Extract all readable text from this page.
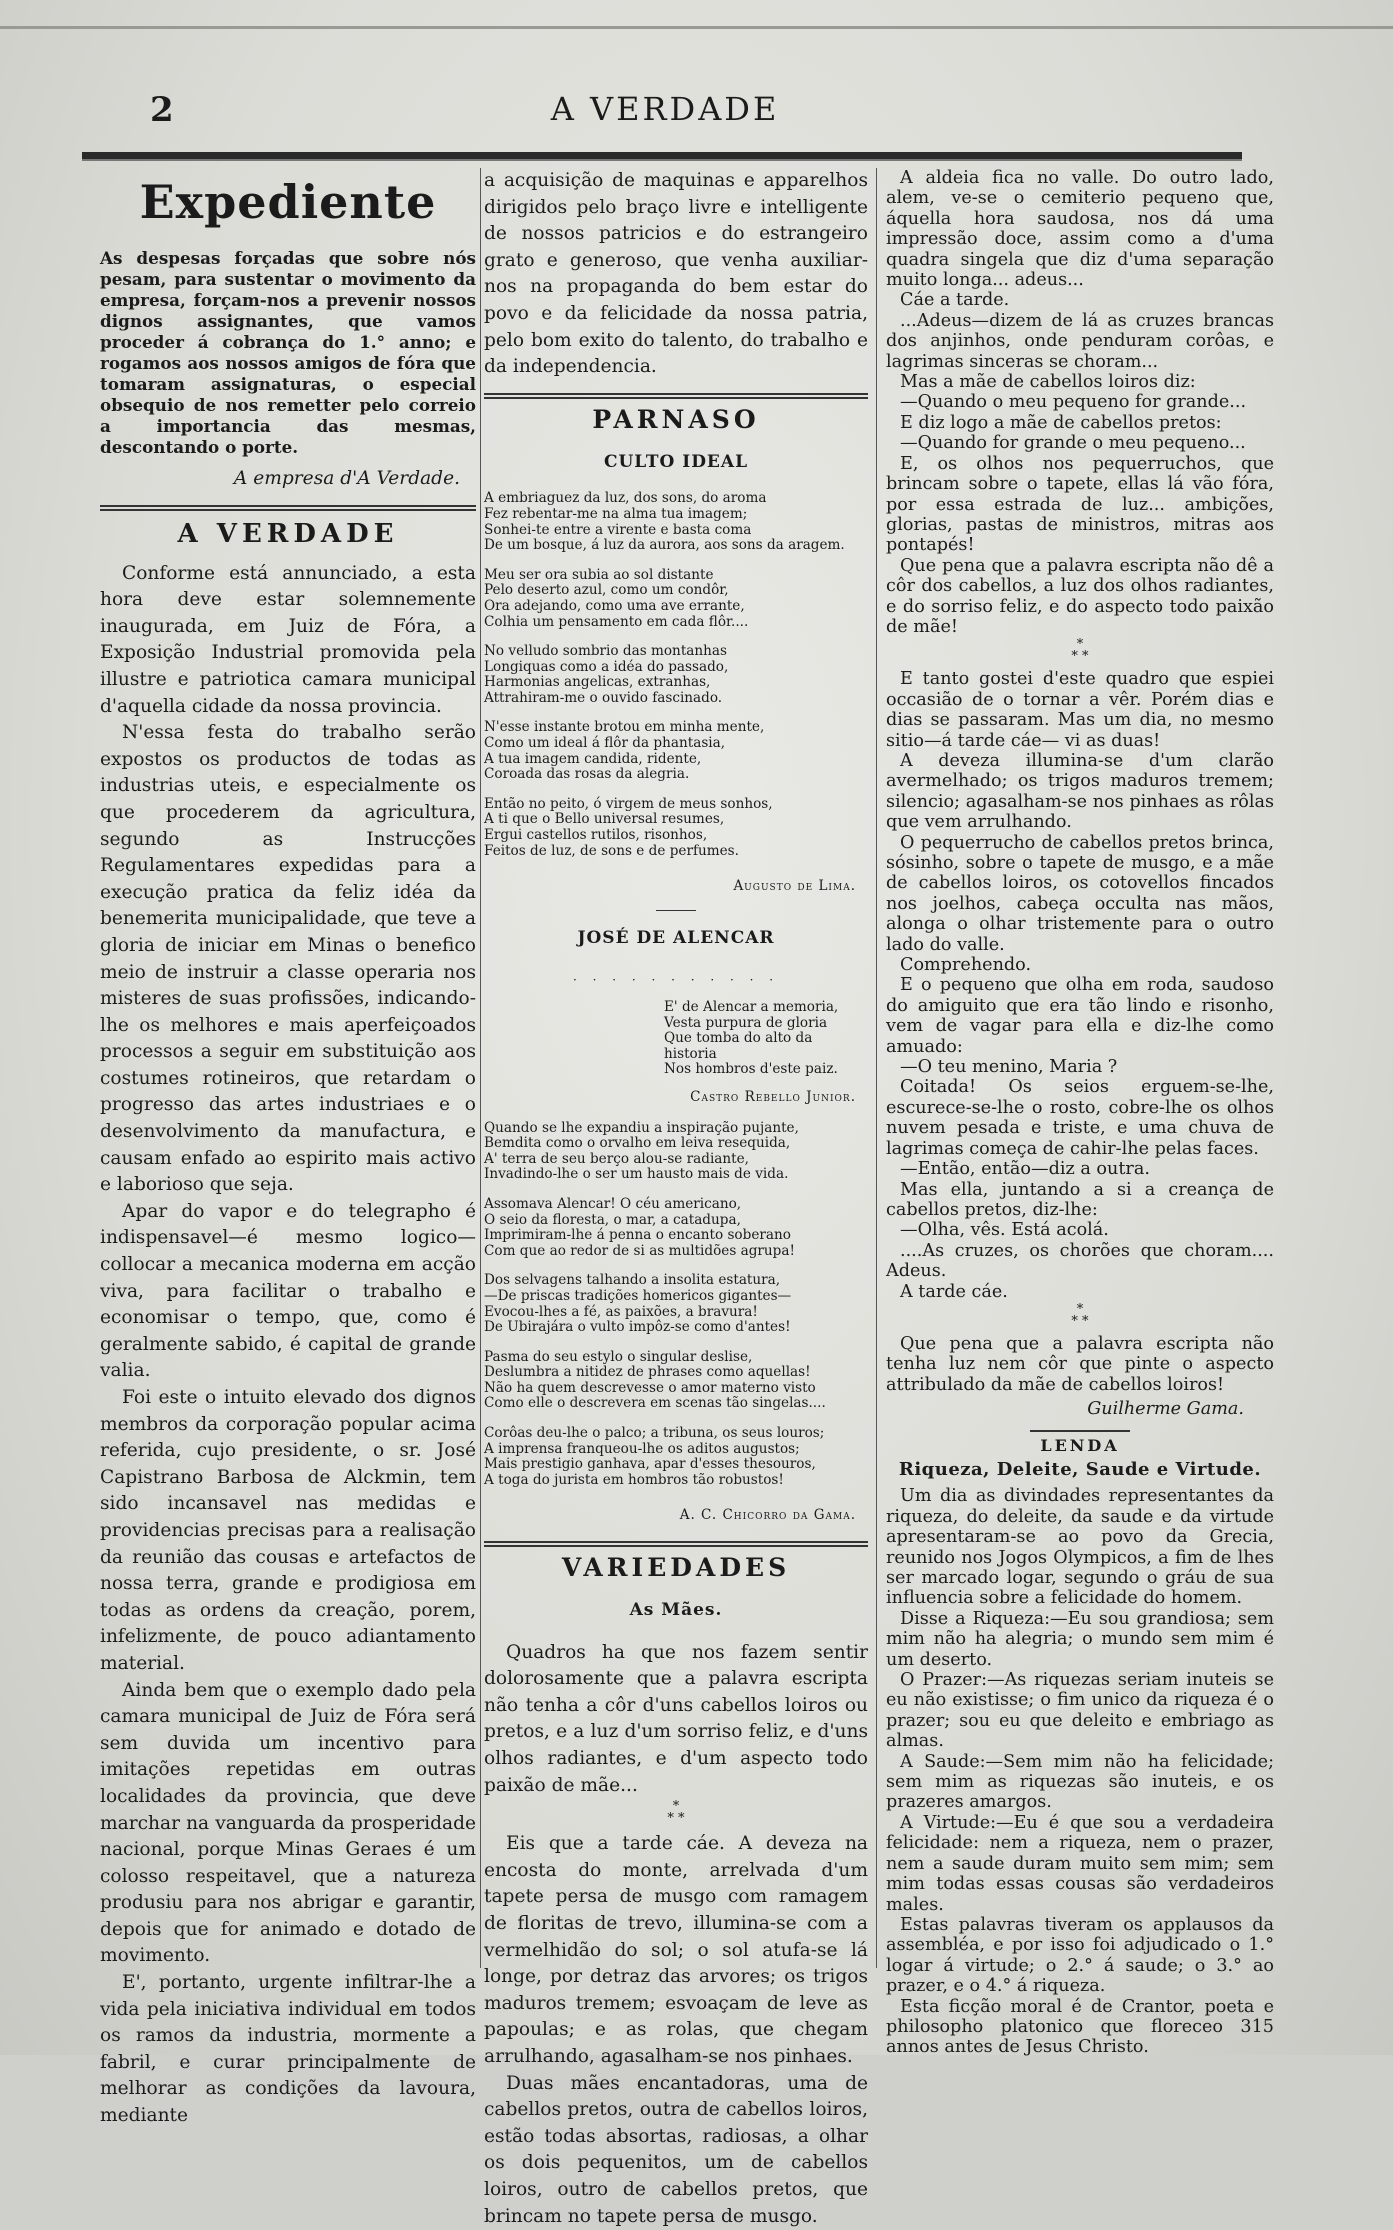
2	A VERDADE
Expediente
As despesas forçadas que sobre nós pesam, para sustentar o movimento da empresa, forçam-nos a prevenir nossos dignos assignantes, que vamos proceder á cobrança do 1.° anno; e rogamos aos nossos amigos de fóra que tomaram assignaturas, o especial obsequio de nos remetter pelo correio a importancia das mesmas, descontando o porte.
A empresa d'A Verdade.
A VERDADE

Conforme está annunciado, a esta hora deve estar solemnemente inaugurada, em Juiz de Fóra, a Exposição Industrial promovida pela illustre e patriotica camara municipal d'aquella cidade da nossa provincia.

N'essa festa do trabalho serão expostos os productos de todas as industrias uteis, e especialmente os que procederem da agricultura, segundo as Instrucções Regulamentares expedidas para a execução pratica da feliz idéa da benemerita municipalidade, que teve a gloria de iniciar em Minas o benefico meio de instruir a classe operaria nos misteres de suas profissões, indicando-lhe os melhores e mais aperfeiçoados processos a seguir em substituição aos costumes rotineiros, que retardam o progresso das artes industriaes e o desenvolvimento da manufactura, e causam enfado ao espirito mais activo e laborioso que seja.

Apar do vapor e do telegrapho é indispensavel—é mesmo logico—collocar a mecanica moderna em acção viva, para facilitar o trabalho e economisar o tempo, que, como é geralmente sabido, é capital de grande valia.

Foi este o intuito elevado dos dignos membros da corporação popular acima referida, cujo presidente, o sr. José Capistrano Barbosa de Alckmin, tem sido incansavel nas medidas e providencias precisas para a realisação da reunião das cousas e artefactos de nossa terra, grande e prodigiosa em todas as ordens da creação, porem, infelizmente, de pouco adiantamento material.

Ainda bem que o exemplo dado pela camara municipal de Juiz de Fóra será sem duvida um incentivo para imitações repetidas em outras localidades da provincia, que deve marchar na vanguarda da prosperidade nacional, porque Minas Geraes é um colosso respeitavel, que a natureza produsiu para nos abrigar e garantir, depois que for animado e dotado de movimento.

E', portanto, urgente infiltrar-lhe a vida pela iniciativa individual em todos os ramos da industria, mormente a fabril, e curar principalmente de melhorar as condições da lavoura, mediante

a acquisição de maquinas e apparelhos dirigidos pelo braço livre e intelligente de nossos patricios e do estrangeiro grato e generoso, que venha auxiliar-nos na propaganda do bem estar do povo e da felicidade da nossa patria, pelo bom exito do talento, do trabalho e da independencia.

PARNASO
CULTO IDEAL
A embriaguez da luz, dos sons, do aroma
Fez rebentar-me na alma tua imagem;
Sonhei-te entre a virente e basta coma
De um bosque, á luz da aurora, aos sons da aragem.
Meu ser ora subia ao sol distante
Pelo deserto azul, como um condôr,
Ora adejando, como uma ave errante,
Colhia um pensamento em cada flôr....
No velludo sombrio das montanhas
Longiquas como a idéa do passado,
Harmonias angelicas, extranhas,
Attrahiram-me o ouvido fascinado.
N'esse instante brotou em minha mente,
Como um ideal á flôr da phantasia,
A tua imagem candida, ridente,
Coroada das rosas da alegria.
Então no peito, ó virgem de meus sonhos,
A ti que o Bello universal resumes,
Ergui castellos rutilos, risonhos,
Feitos de luz, de sons e de perfumes.
Augusto de Lima.
JOSÉ DE ALENCAR
· · · · · · · · · · ·
E' de Alencar a memoria,
Vesta purpura de gloria
Que tomba do alto da historia
Nos hombros d'este paiz.
Castro Rebello Junior.
Quando se lhe expandiu a inspiração pujante,
Bemdita como o orvalho em leiva resequida,
A' terra de seu berço alou-se radiante,
Invadindo-lhe o ser um hausto mais de vida.
Assomava Alencar! O céu americano,
O seio da floresta, o mar, a catadupa,
Imprimiram-lhe á penna o encanto soberano
Com que ao redor de si as multidões agrupa!
Dos selvagens talhando a insolita estatura,
—De priscas tradições homericos gigantes—
Evocou-lhes a fé, as paixões, a bravura!
De Ubirajára o vulto impôz-se como d'antes!
Pasma do seu estylo o singular deslise,
Deslumbra a nitidez de phrases como aquellas!
Não ha quem descrevesse o amor materno visto
Como elle o descrevera em scenas tão singelas....
Corôas deu-lhe o palco; a tribuna, os seus louros;
A imprensa franqueou-lhe os aditos augustos;
Mais prestigio ganhava, apar d'esses thesouros,
A toga do jurista em hombros tão robustos!
A. C. Chicorro da Gama.
VARIEDADES
As Mães.

Quadros ha que nos fazem sentir dolorosamente que a palavra escripta não tenha a côr d'uns cabellos loiros ou pretos, e a luz d'um sorriso feliz, e d'uns olhos radiantes, e d'um aspecto todo paixão de mãe...

*
* *

Eis que a tarde cáe. A deveza na encosta do monte, arrelvada d'um tapete persa de musgo com ramagem de floritas de trevo, illumina-se com a vermelhidão do sol; o sol atufa-se lá longe, por detraz das arvores; os trigos maduros tremem; esvoaçam de leve as papoulas; e as rolas, que chegam arrulhando, agasalham-se nos pinhaes.

Duas mães encantadoras, uma de cabellos pretos, outra de cabellos loiros, estão todas absortas, radiosas, a olhar os dois pequenitos, um de cabellos loiros, outro de cabellos pretos, que brincam no tapete persa de musgo.

A aldeia fica no valle. Do outro lado, alem, ve-se o cemiterio pequeno que, áquella hora saudosa, nos dá uma impressão doce, assim como a d'uma quadra singela que diz d'uma separação muito longa... adeus...

Cáe a tarde.

...Adeus—dizem de lá as cruzes brancas dos anjinhos, onde penduram corôas, e lagrimas sinceras se choram...

Mas a mãe de cabellos loiros diz:

—Quando o meu pequeno for grande...

E diz logo a mãe de cabellos pretos:

—Quando for grande o meu pequeno...

E, os olhos nos pequerruchos, que brincam sobre o tapete, ellas lá vão fóra, por essa estrada de luz... ambições, glorias, pastas de ministros, mitras aos pontapés!

Que pena que a palavra escripta não dê a côr dos cabellos, a luz dos olhos radiantes, e do sorriso feliz, e do aspecto todo paixão de mãe!

*
* *

E tanto gostei d'este quadro que espiei occasião de o tornar a vêr. Porém dias e dias se passaram. Mas um dia, no mesmo sitio—á tarde cáe— vi as duas!

A deveza illumina-se d'um clarão avermelhado; os trigos maduros tremem; silencio; agasalham-se nos pinhaes as rôlas que vem arrulhando.

O pequerrucho de cabellos pretos brinca, sósinho, sobre o tapete de musgo, e a mãe de cabellos loiros, os cotovellos fincados nos joelhos, cabeça occulta nas mãos, alonga o olhar tristemente para o outro lado do valle.

Comprehendo.

E o pequeno que olha em roda, saudoso do amiguito que era tão lindo e risonho, vem de vagar para ella e diz-lhe como amuado:

—O teu menino, Maria ?

Coitada! Os seios erguem-se-lhe, escurece-se-lhe o rosto, cobre-lhe os olhos nuvem pesada e triste, e uma chuva de lagrimas começa de cahir-lhe pelas faces.

—Então, então—diz a outra.

Mas ella, juntando a si a creança de cabellos pretos, diz-lhe:

—Olha, vês. Está acolá.

....As cruzes, os chorões que choram.... Adeus.

A tarde cáe.

*
* *

Que pena que a palavra escripta não tenha luz nem côr que pinte o aspecto attribulado da mãe de cabellos loiros!

Guilherme Gama.
LENDA
Riqueza, Deleite, Saude e Virtude.

Um dia as divindades representantes da riqueza, do deleite, da saude e da virtude apresentaram-se ao povo da Grecia, reunido nos Jogos Olympicos, a fim de lhes ser marcado logar, segundo o gráu de sua influencia sobre a felicidade do homem.

Disse a Riqueza:—Eu sou grandiosa; sem mim não ha alegria; o mundo sem mim é um deserto.

O Prazer:—As riquezas seriam inuteis se eu não existisse; o fim unico da riqueza é o prazer; sou eu que deleito e embriago as almas.

A Saude:—Sem mim não ha felicidade; sem mim as riquezas são inuteis, e os prazeres amargos.

A Virtude:—Eu é que sou a verdadeira felicidade: nem a riqueza, nem o prazer, nem a saude duram muito sem mim; sem mim todas essas cousas são verdadeiros males.

Estas palavras tiveram os applausos da assembléa, e por isso foi adjudicado o 1.° logar á virtude; o 2.° á saude; o 3.° ao prazer, e o 4.° á riqueza.

Esta ficção moral é de Crantor, poeta e philosopho platonico que floreceo 315 annos antes de Jesus Christo.
